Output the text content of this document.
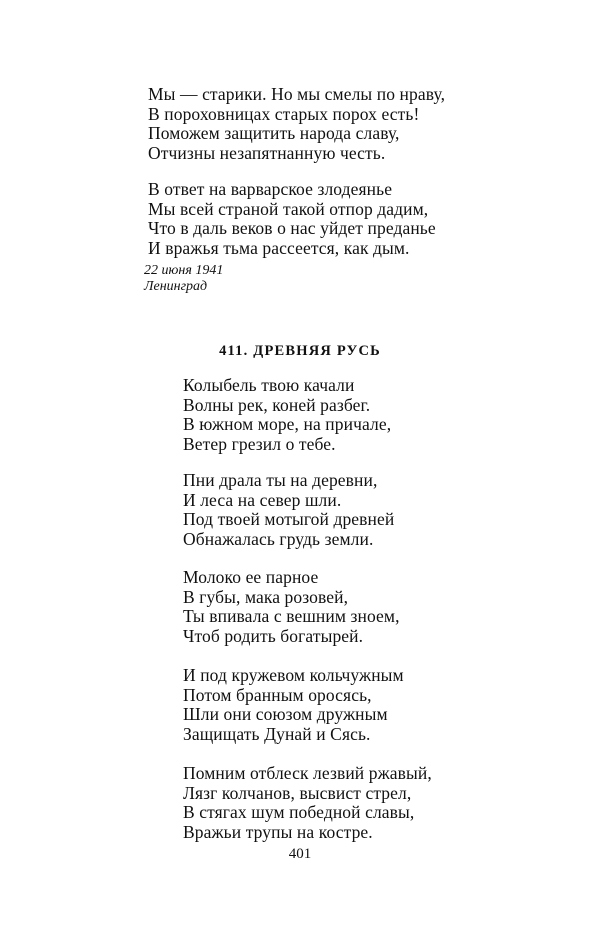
Мы — старики. Но мы смелы по нраву,
В пороховницах старых порох есть!
Поможем защитить народа славу,
Отчизны незапятнанную честь.
В ответ на варварское злодеянье
Мы всей страной такой отпор дадим,
Что в даль веков о нас уйдет преданье
И вражья тьма рассеется, как дым.
22 июня 1941
Ленинград
411. ДРЕВНЯЯ РУСЬ
Колыбель твою качали
Волны рек, коней разбег.
В южном море, на причале,
Ветер грезил о тебе.
Пни драла ты на деревни,
И леса на север шли.
Под твоей мотыгой древней
Обнажалась грудь земли.
Молоко ее парное
В губы, мака розовей,
Ты впивала с вешним зноем,
Чтоб родить богатырей.
И под кружевом кольчужным
Потом бранным оросясь,
Шли они союзом дружным
Защищать Дунай и Сясь.
Помним отблеск лезвий ржавый,
Лязг колчанов, высвист стрел,
В стягах шум победной славы,
Вражьи трупы на костре.
401
